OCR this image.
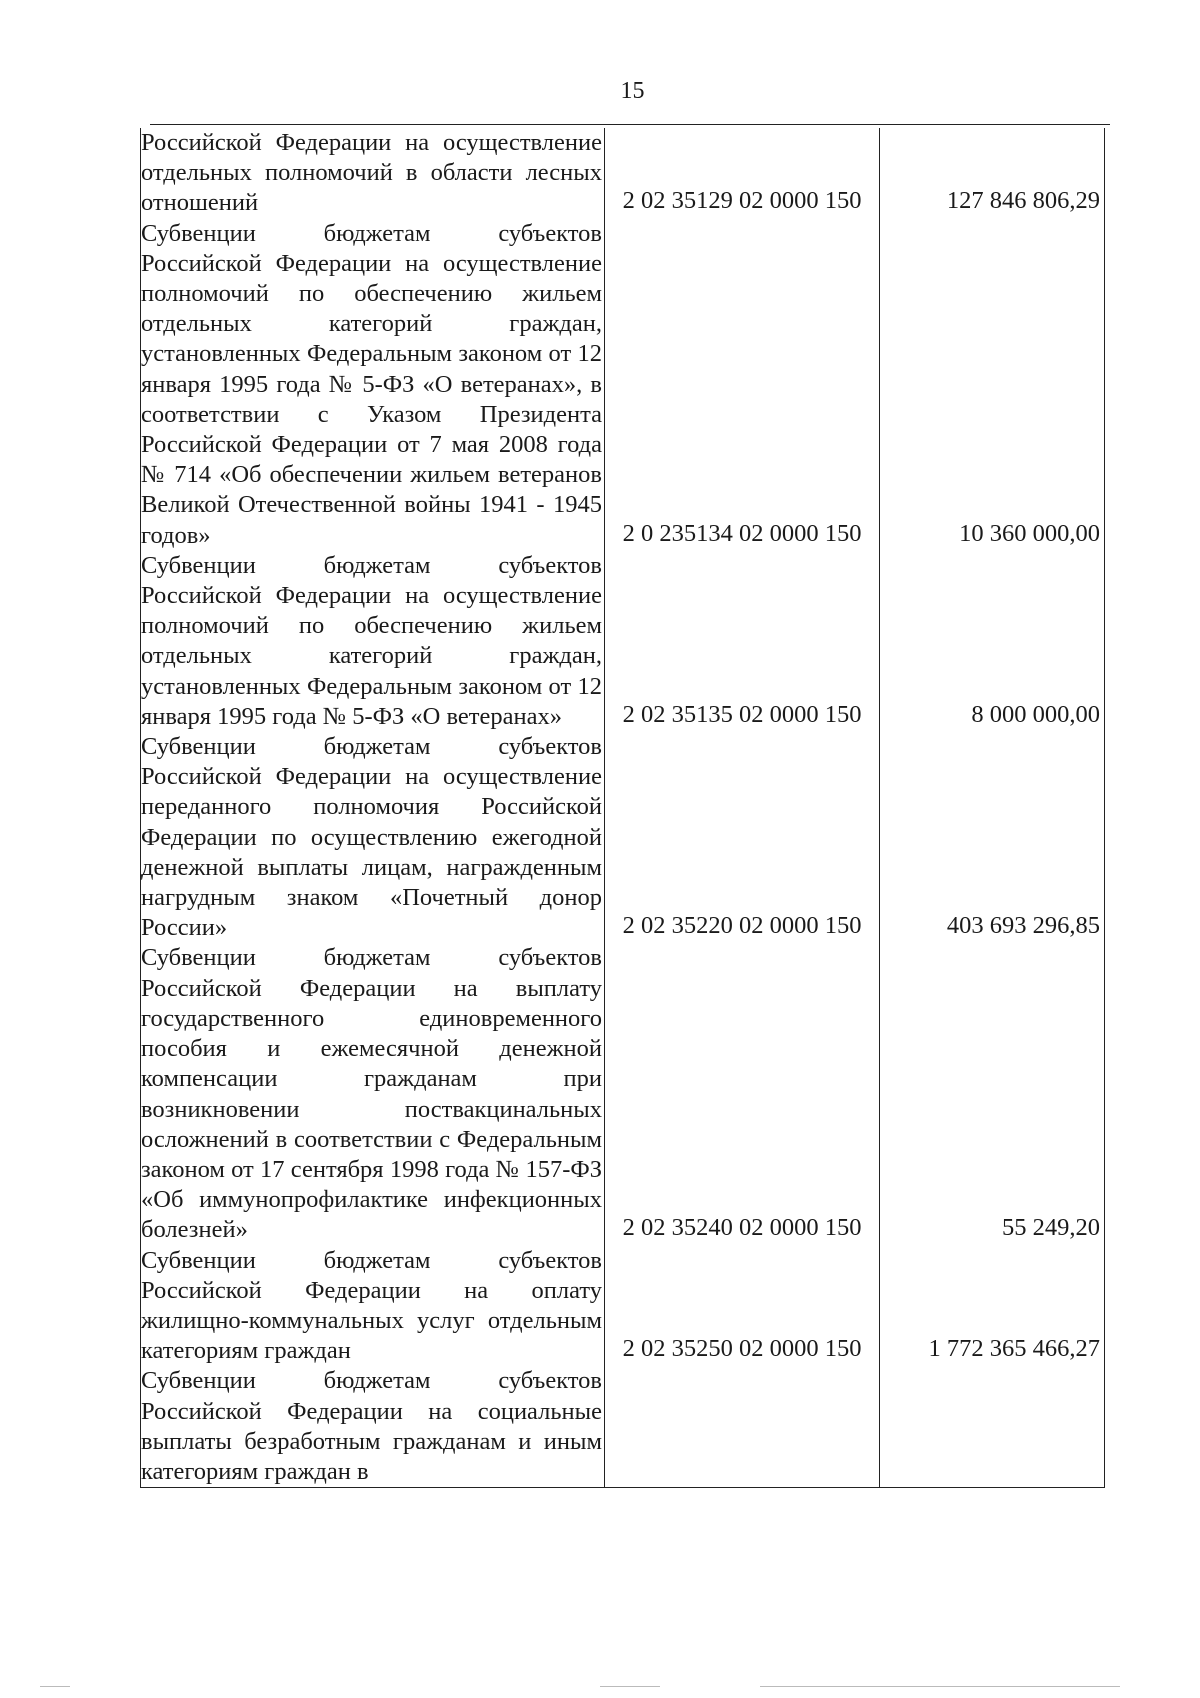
15
Российской Федерации на осуществление отдельных полномочий в области лесных отношений	2 02 35129 02 0000 150	127 846 806,29
Субвенции бюджетам субъектов Российской Федерации на осуществление полномочий по обеспечению жильем отдельных категорий граждан, установленных Федеральным законом от 12 января 1995 года № 5-ФЗ «О ветеранах», в соответствии с Указом Президента Российской Федерации от 7 мая 2008 года № 714 «Об обеспечении жильем ветеранов Великой Отечественной войны 1941 - 1945 годов»	2 0 235134 02 0000 150	10 360 000,00
Субвенции бюджетам субъектов Российской Федерации на осуществление полномочий по обеспечению жильем отдельных категорий граждан, установленных Федеральным законом от 12 января 1995 года № 5-ФЗ «О ветеранах»	2 02 35135 02 0000 150	8 000 000,00
Субвенции бюджетам субъектов Российской Федерации на осуществление переданного полномочия Российской Федерации по осуществлению ежегодной денежной выплаты лицам, награжденным нагрудным знаком «Почетный донор России»	2 02 35220 02 0000 150	403 693 296,85
Субвенции бюджетам субъектов Российской Федерации на выплату государственного единовременного пособия и ежемесячной денежной компенсации гражданам при возникновении поствакцинальных осложнений в соответствии с Федеральным законом от 17 сентября 1998 года № 157-ФЗ «Об иммунопрофилактике инфекционных болезней»	2 02 35240 02 0000 150	55 249,20
Субвенции бюджетам субъектов Российской Федерации на оплату жилищно-коммунальных услуг отдельным категориям граждан	2 02 35250 02 0000 150	1 772 365 466,27
Субвенции бюджетам субъектов Российской Федерации на социальные выплаты безработным гражданам и иным категориям граждан в		
